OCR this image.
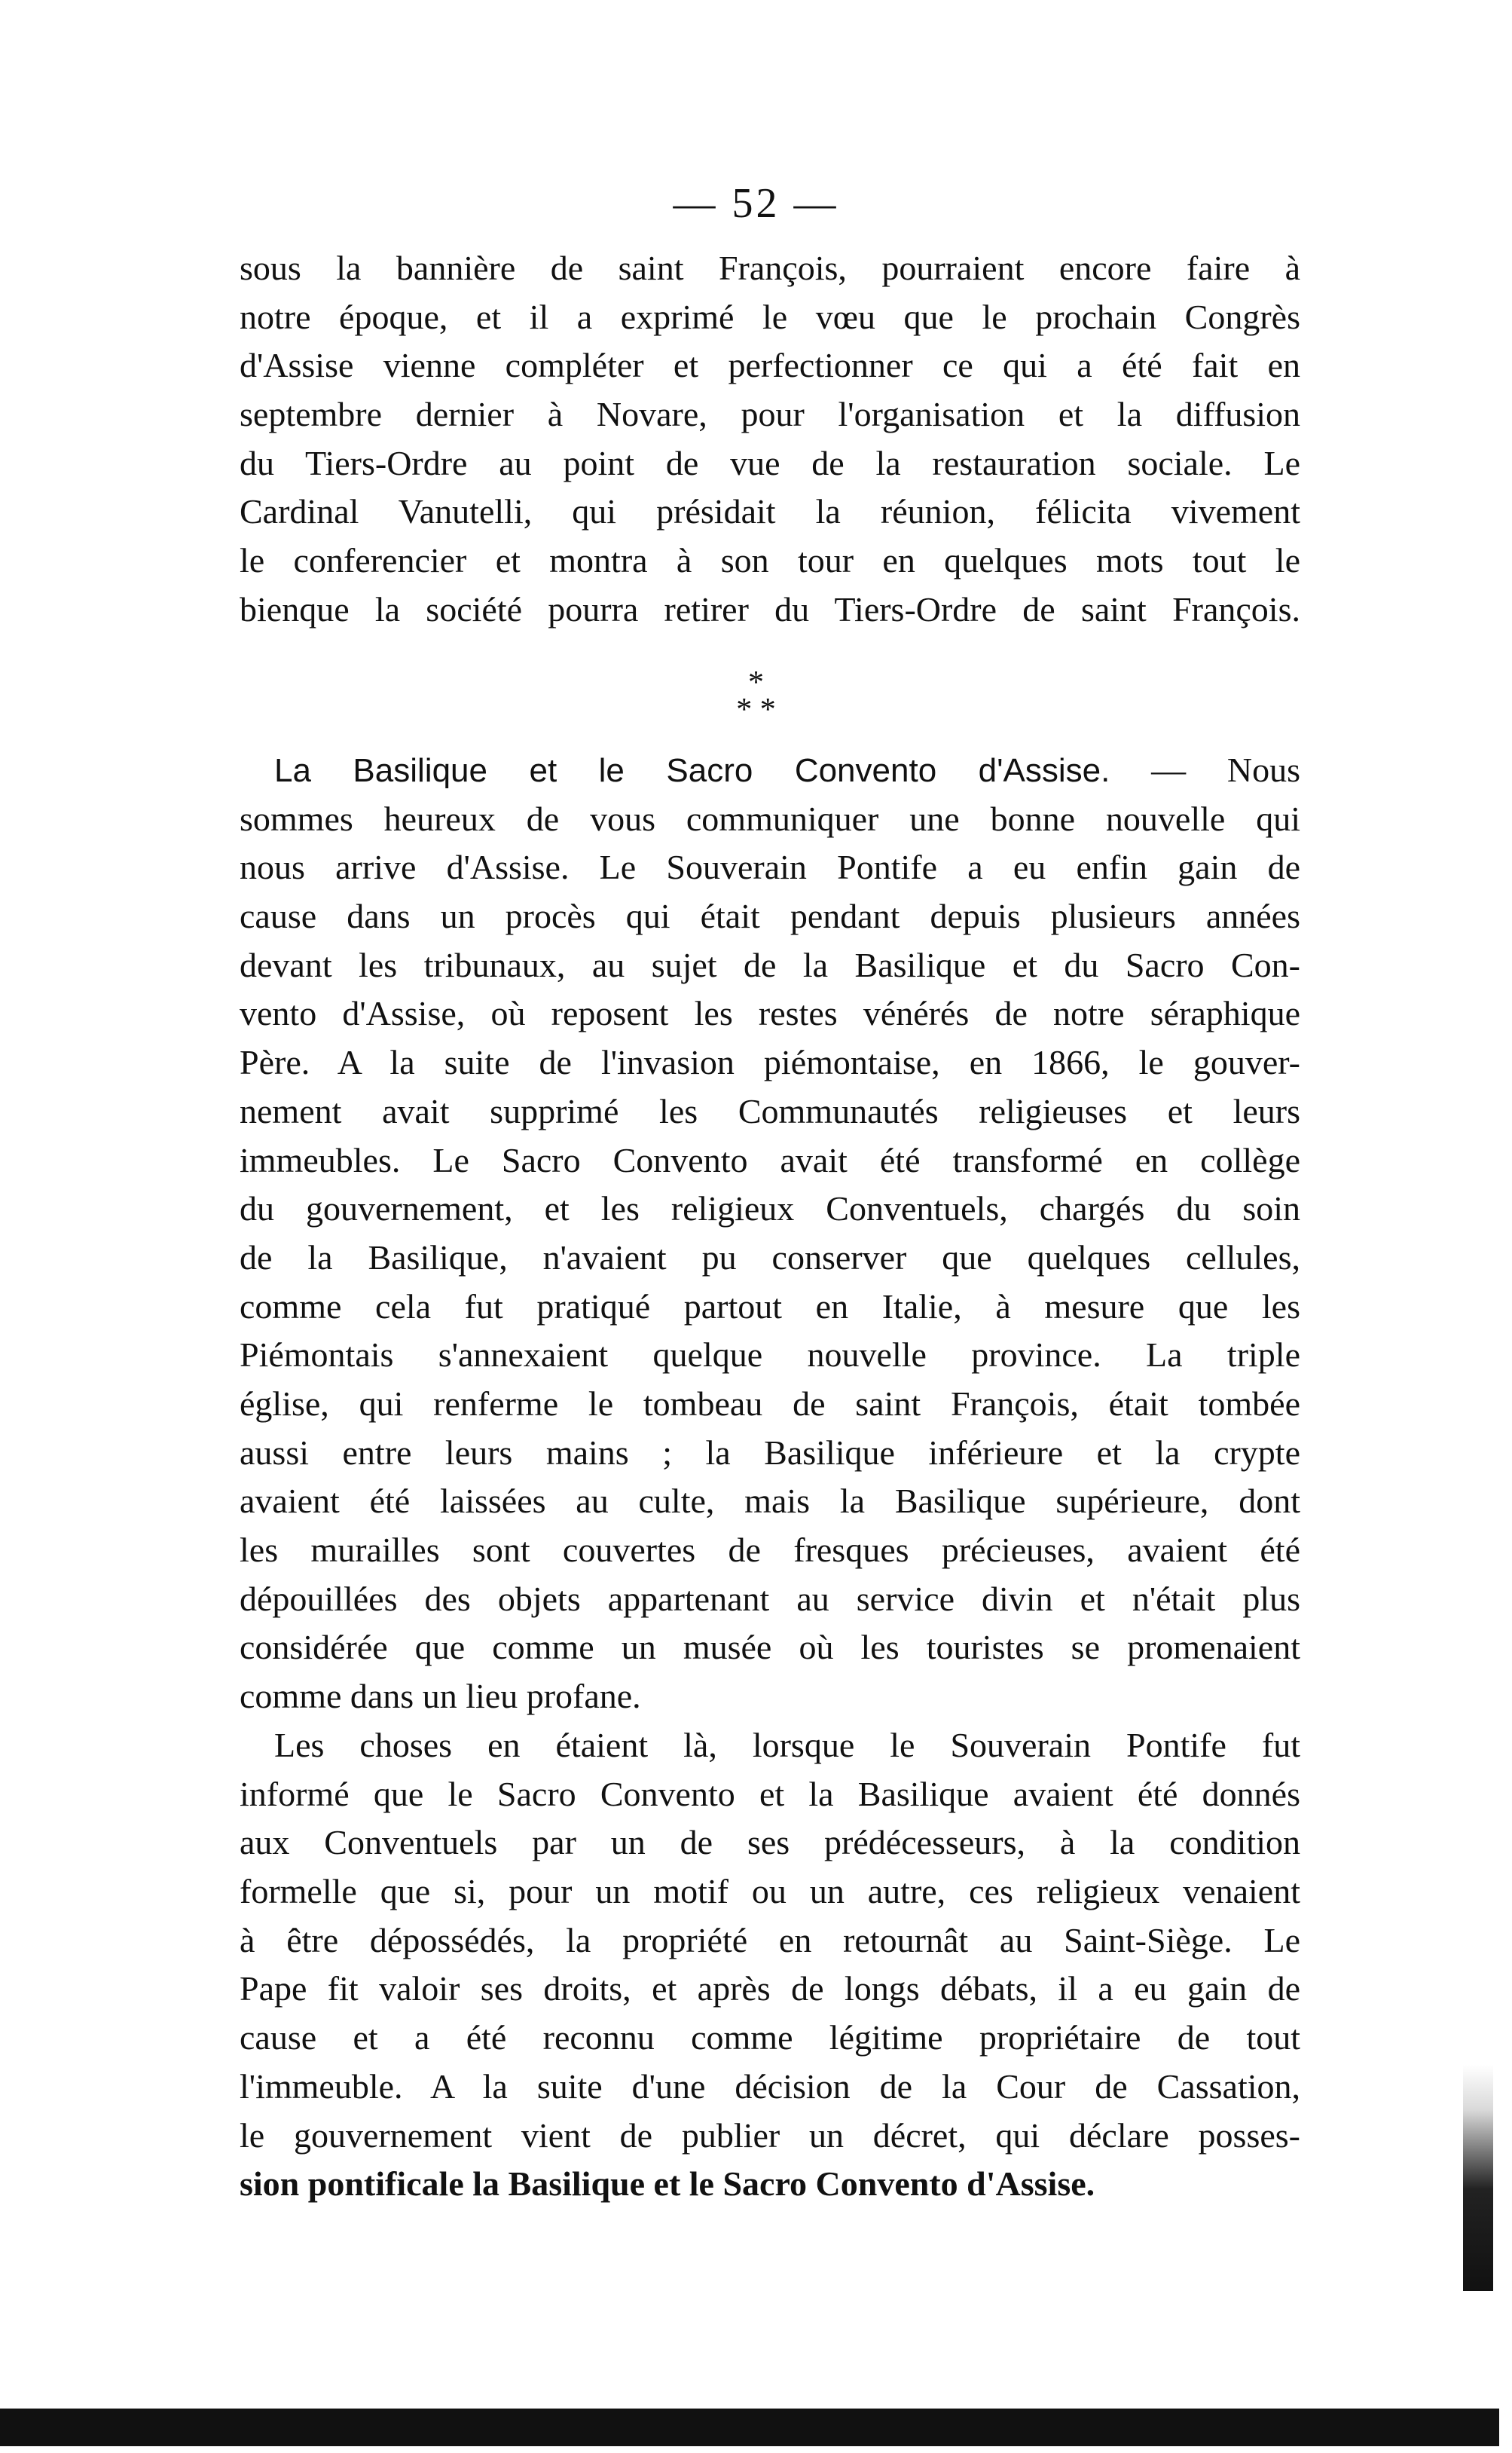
— 52 —
sous la bannière de saint François, pourraient encore faire à
notre époque, et il a exprimé le vœu que le prochain Congrès
d'Assise vienne compléter et perfectionner ce qui a été fait en
septembre dernier à Novare, pour l'organisation et la diffusion
du Tiers-Ordre au point de vue de la restauration sociale. Le
Cardinal Vanutelli, qui présidait la réunion, félicita vivement
le conferencier et montra à son tour en quelques mots tout le
bienque la société pourra retirer du Tiers-Ordre de saint François.
*
* *
La Basilique et le Sacro Convento d'Assise. — Nous
sommes heureux de vous communiquer une bonne nouvelle qui
nous arrive d'Assise. Le Souverain Pontife a eu enfin gain de
cause dans un procès qui était pendant depuis plusieurs années
devant les tribunaux, au sujet de la Basilique et du Sacro Con-
vento d'Assise, où reposent les restes vénérés de notre séraphique
Père. A la suite de l'invasion piémontaise, en 1866, le gouver-
nement avait supprimé les Communautés religieuses et leurs
immeubles. Le Sacro Convento avait été transformé en collège
du gouvernement, et les religieux Conventuels, chargés du soin
de la Basilique, n'avaient pu conserver que quelques cellules,
comme cela fut pratiqué partout en Italie, à mesure que les
Piémontais s'annexaient quelque nouvelle province. La triple
église, qui renferme le tombeau de saint François, était tombée
aussi entre leurs mains ; la Basilique inférieure et la crypte
avaient été laissées au culte, mais la Basilique supérieure, dont
les murailles sont couvertes de fresques précieuses, avaient été
dépouillées des objets appartenant au service divin et n'était plus
considérée que comme un musée où les touristes se promenaient
comme dans un lieu profane.
Les choses en étaient là, lorsque le Souverain Pontife fut
informé que le Sacro Convento et la Basilique avaient été donnés
aux Conventuels par un de ses prédécesseurs, à la condition
formelle que si, pour un motif ou un autre, ces religieux venaient
à être dépossédés, la propriété en retournât au Saint-Siège. Le
Pape fit valoir ses droits, et après de longs débats, il a eu gain de
cause et a été reconnu comme légitime propriétaire de tout
l'immeuble. A la suite d'une décision de la Cour de Cassation,
le gouvernement vient de publier un décret, qui déclare posses-
sion pontificale la Basilique et le Sacro Convento d'Assise.
